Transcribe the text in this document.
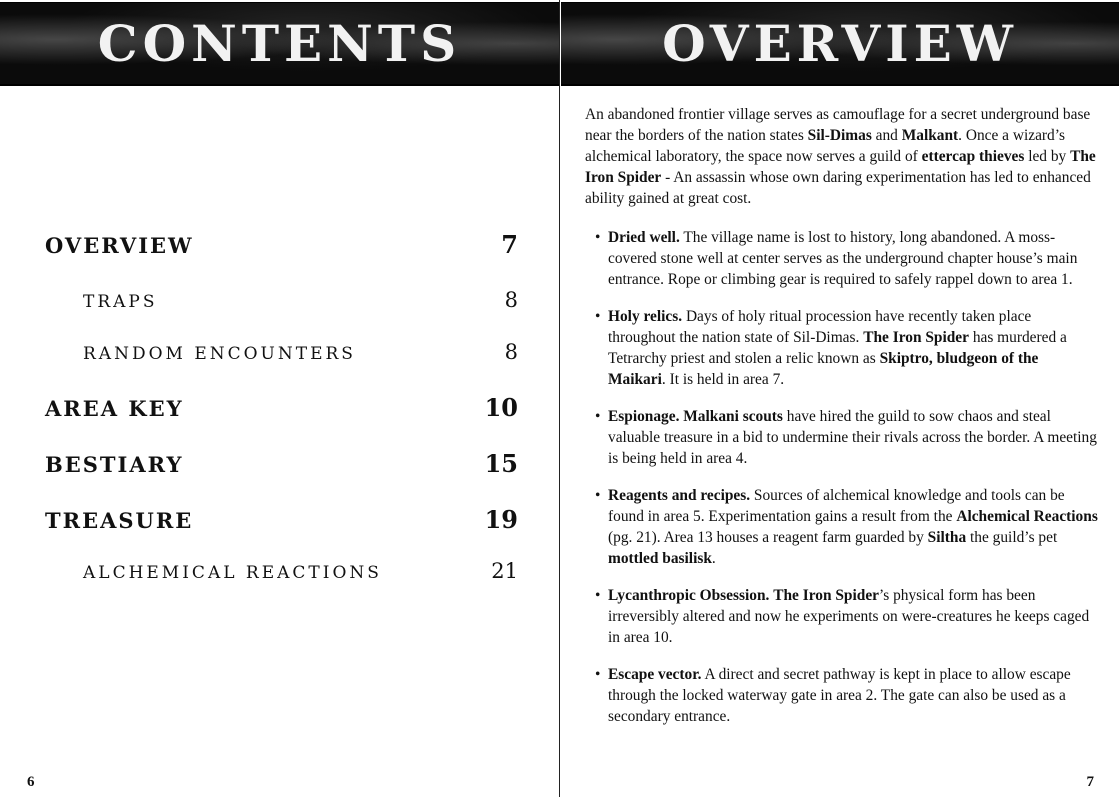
CONTENTS
OVERVIEW	7
TRAPS	8
RANDOM ENCOUNTERS	8
AREA KEY	10
BESTIARY	15
TREASURE	19
ALCHEMICAL REACTIONS	21
6
OVERVIEW

An abandoned frontier village serves as camouflage for a secret underground base near the borders of the nation states Sil-Dimas and Malkant. Once a wizard’s alchemical laboratory, the space now serves a guild of ettercap thieves led by The Iron Spider - An assassin whose own daring experimentation has led to enhanced ability gained at great cost.

• Dried well. The village name is lost to history, long abandoned. A moss-covered stone well at center serves as the underground chapter house’s main entrance. Rope or climbing gear is required to safely rappel down to area 1.
• Holy relics. Days of holy ritual procession have recently taken place throughout the nation state of Sil-Dimas. The Iron Spider has murdered a Tetrarchy priest and stolen a relic known as Skiptro, bludgeon of the Maikari. It is held in area 7.
• Espionage. Malkani scouts have hired the guild to sow chaos and steal valuable treasure in a bid to undermine their rivals across the border. A meeting is being held in area 4.
• Reagents and recipes. Sources of alchemical knowledge and tools can be found in area 5. Experimentation gains a result from the Alchemical Reactions (pg. 21). Area 13 houses a reagent farm guarded by Siltha the guild’s pet mottled basilisk.
• Lycanthropic Obsession. The Iron Spider’s physical form has been irreversibly altered and now he experiments on were-creatures he keeps caged in area 10.
• Escape vector. A direct and secret pathway is kept in place to allow escape through the locked waterway gate in area 2. The gate can also be used as a secondary entrance.
7
